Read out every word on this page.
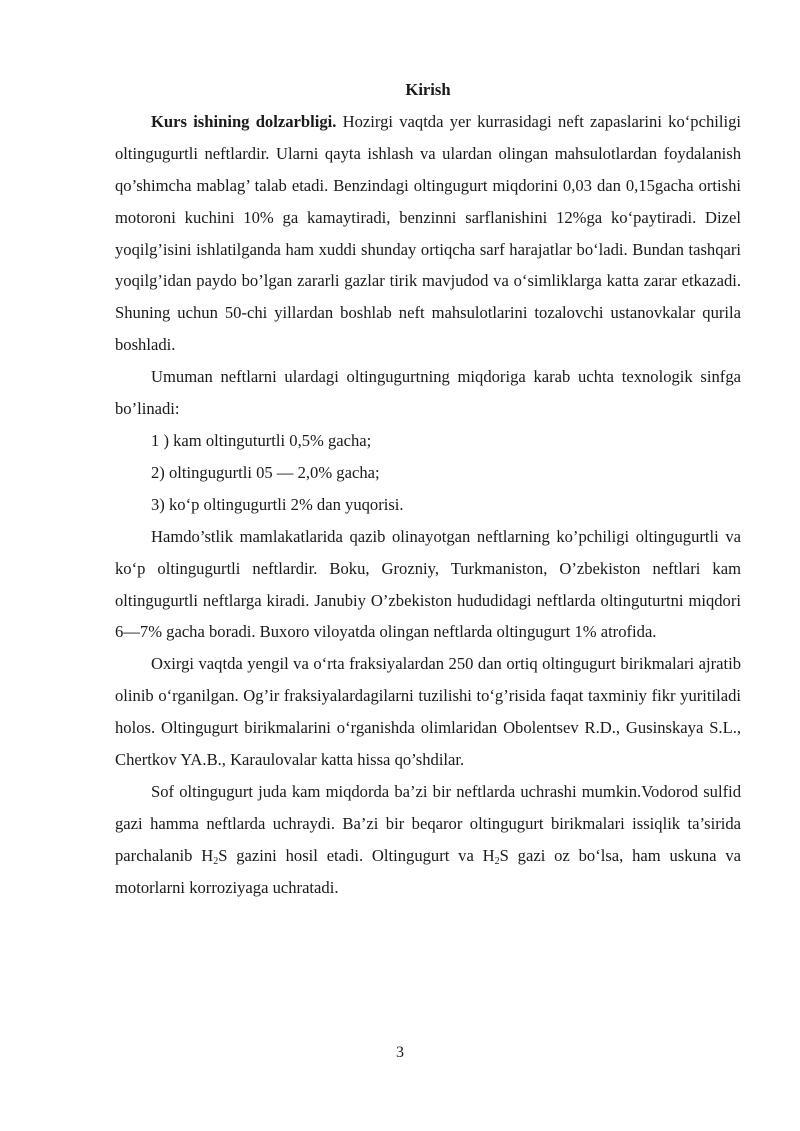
Kirish

Kurs ishining dolzarbligi. Hozirgi vaqtda yer kurrasidagi neft zapaslarini ko‘pchiligi oltingugurtli neftlardir. Ularni qayta ishlash va ulardan olingan mahsulotlardan foydalanish qo’shimcha mablag’ talab etadi. Benzindagi oltingugurt miqdorini 0,03 dan 0,15gacha ortishi motoroni kuchini 10% ga kamaytiradi, benzinni sarflanishini 12%ga ko‘paytiradi. Dizel yoqilg’isini ishlatilganda ham xuddi shunday ortiqcha sarf harajatlar bo‘ladi. Bundan tashqari yoqilg’idan paydo bo’lgan zararli gazlar tirik mavjudod va o‘simliklarga katta zarar etkazadi. Shuning uchun 50-chi yillardan boshlab neft mahsulotlarini tozalovchi ustanovkalar qurila boshladi.

Umuman neftlarni ulardagi oltingugurtning miqdoriga karab uchta texnologik sinfga bo’linadi:

1 ) kam oltinguturtli 0,5% gacha;

2) oltingugurtli 05 — 2,0% gacha;

3) ko‘p oltingugurtli 2% dan yuqorisi.

Hamdo’stlik mamlakatlarida qazib olinayotgan neftlarning ko’pchiligi oltingugurtli va ko‘p oltingugurtli neftlardir. Boku, Grozniy, Turkmaniston, O’zbekiston neftlari kam oltingugurtli neftlarga kiradi. Janubiy O’zbekiston hududidagi neftlarda oltinguturtni miqdori 6—7% gacha boradi. Buxoro viloyatda olingan neftlarda oltingugurt 1% atrofida.

Oxirgi vaqtda yengil va o‘rta fraksiyalardan 250 dan ortiq oltingugurt birikmalari ajratib olinib o‘rganilgan. Og’ir fraksiyalardagilarni tuzilishi to‘g’risida faqat taxminiy fikr yuritiladi holos. Oltingugurt birikmalarini o‘rganishda olimlaridan Obolentsev R.D., Gusinskaya S.L., Chertkov YA.B., Karaulovalar katta hissa qo’shdilar.

Sof oltingugurt juda kam miqdorda ba’zi bir neftlarda uchrashi mumkin.Vodorod sulfid gazi hamma neftlarda uchraydi. Ba’zi bir beqaror oltingugurt birikmalari issiqlik ta’sirida parchalanib $H_2S$ gazini hosil etadi. Oltingugurt va $H_2S$ gazi oz bo‘lsa, ham uskuna va motorlarni korroziyaga uchratadi.

3
